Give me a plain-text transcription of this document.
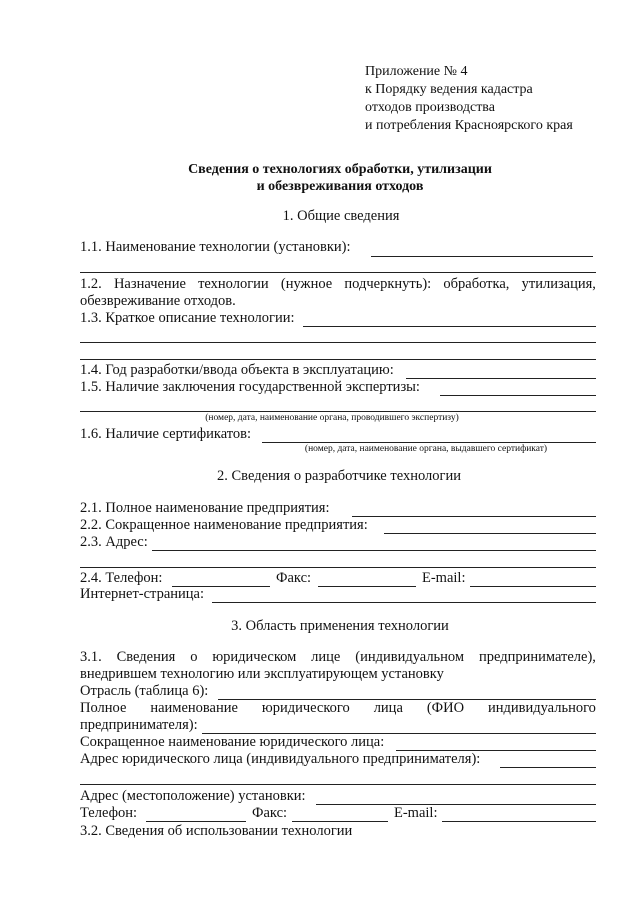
Приложение № 4
к Порядку ведения кадастра
отходов производства
и потребления Красноярского края
Сведения о технологиях обработки, утилизации
и обезвреживания отходов
1. Общие сведения
1.1. Наименование технологии (установки):
1.2. Назначение технологии (нужное подчеркнуть): обработка, утилизация,
обезвреживание отходов.
1.3. Краткое описание технологии:
1.4. Год разработки/ввода объекта в эксплуатацию:
1.5. Наличие заключения государственной экспертизы:
(номер, дата, наименование органа, проводившего экспертизу)
1.6. Наличие сертификатов:
(номер, дата, наименование органа, выдавшего сертификат)
2. Сведения о разработчике технологии
2.1. Полное наименование предприятия:
2.2. Сокращенное наименование предприятия:
2.3. Адрес:
2.4. Телефон:	Факс:	E-mail:
Интернет-страница:
3. Область применения технологии
3.1. Сведения о юридическом лице (индивидуальном предпринимателе),
внедрившем технологию или эксплуатирующем установку
Отрасль (таблица 6):
Полное наименование юридического лица (ФИО индивидуального
предпринимателя):
Сокращенное наименование юридического лица:
Адрес юридического лица (индивидуального предпринимателя):
Адрес (местоположение) установки:
Телефон:	Факс:	E-mail:
3.2. Сведения об использовании технологии
